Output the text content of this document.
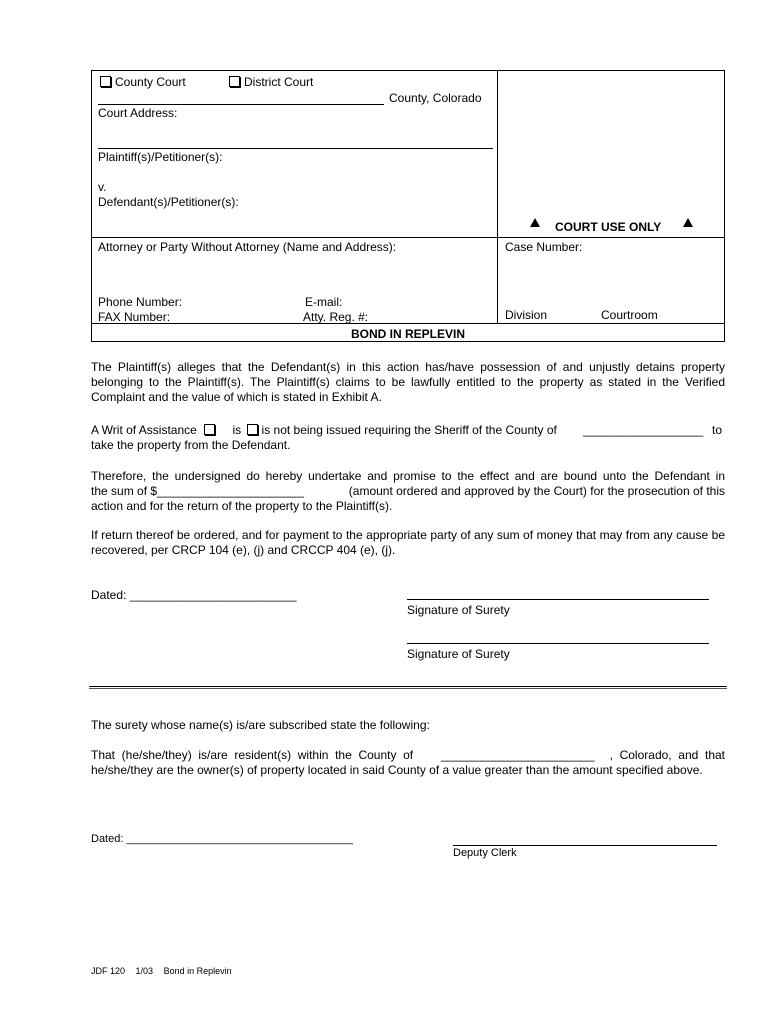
County Court	District Court
County, Colorado
Court Address:
Plaintiff(s)/Petitioner(s):
v.
Defendant(s)/Petitioner(s):
COURT USE ONLY
Attorney or Party Without Attorney (Name and Address):	Case Number:
Phone Number:	E-mail:
FAX Number:	Atty. Reg. #:	Division	Courtroom
BOND IN REPLEVIN
The Plaintiff(s) alleges that the Defendant(s) in this action has/have possession of and unjustly detains property belonging to the Plaintiff(s). The Plaintiff(s) claims to be lawfully entitled to the property as stated in the Verified Complaint and the value of which is stated in Exhibit A.
A Writ of Assistance	is is not being issued requiring the Sheriff of the County of __________________ to
take the property from the Defendant.
Therefore, the undersigned do hereby undertake and promise to the effect and are bound unto the Defendant in
the sum of $______________________	(amount ordered and approved by the Court) for the prosecution of this
action and for the return of the property to the Plaintiff(s).
If return thereof be ordered, and for payment to the appropriate party of any sum of money that may from any cause be recovered, per CRCP 104 (e), (j) and CRCCP 404 (e), (j).
Dated: _________________________
Signature of Surety
Signature of Surety
The surety whose name(s) is/are subscribed state the following:
That  (he/she/they)  is/are  resident(s)  within  the  County  of _______________________ ,  Colorado,  and  that
he/she/they are the owner(s) of property located in said County of a value greater than the amount specified above.
Dated: _____________________________________
Deputy Clerk
JDF 120 1/03 Bond in Replevin
